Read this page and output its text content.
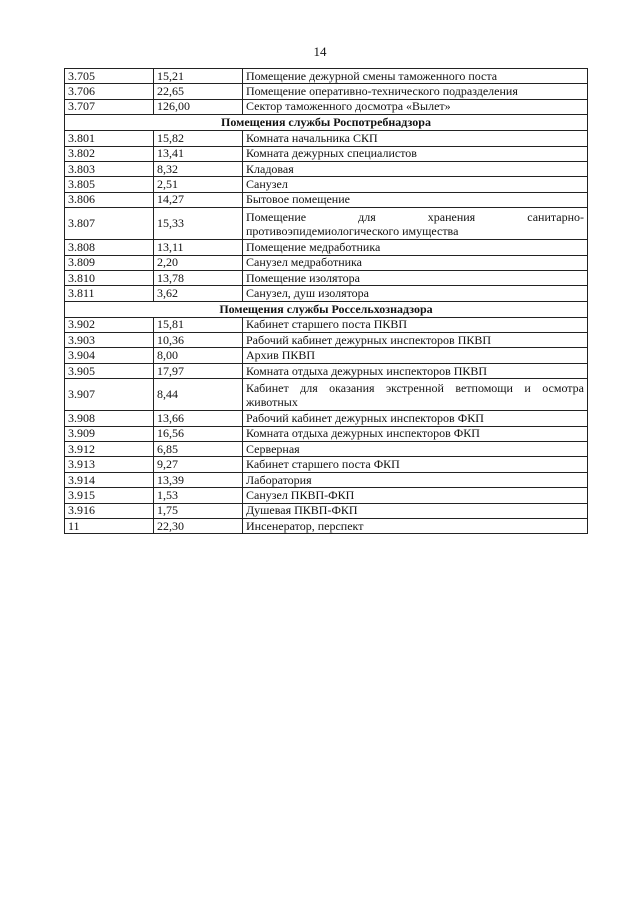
14
3.705	15,21	Помещение дежурной смены таможенного поста
3.706	22,65	Помещение оперативно-технического подразделения
3.707	126,00	Сектор таможенного досмотра «Вылет»
Помещения службы Роспотребнадзора		
3.801	15,82	Комната начальника СКП
3.802	13,41	Комната дежурных специалистов
3.803	8,32	Кладовая
3.805	2,51	Санузел
3.806	14,27	Бытовое помещение
3.807	15,33	Помещение для хранения санитарно-противоэпидемиологического имущества
3.808	13,11	Помещение медработника
3.809	2,20	Санузел медработника
3.810	13,78	Помещение изолятора
3.811	3,62	Санузел, душ изолятора
Помещения службы Россельхознадзора		
3.902	15,81	Кабинет старшего поста ПКВП
3.903	10,36	Рабочий кабинет дежурных инспекторов ПКВП
3.904	8,00	Архив ПКВП
3.905	17,97	Комната отдыха дежурных инспекторов ПКВП
3.907	8,44	Кабинет для оказания экстренной ветпомощи и осмотра животных
3.908	13,66	Рабочий кабинет дежурных инспекторов ФКП
3.909	16,56	Комната отдыха дежурных инспекторов ФКП
3.912	6,85	Серверная
3.913	9,27	Кабинет старшего поста ФКП
3.914	13,39	Лаборатория
3.915	1,53	Санузел ПКВП-ФКП
3.916	1,75	Душевая ПКВП-ФКП
11	22,30	Инсенератор, перспект
